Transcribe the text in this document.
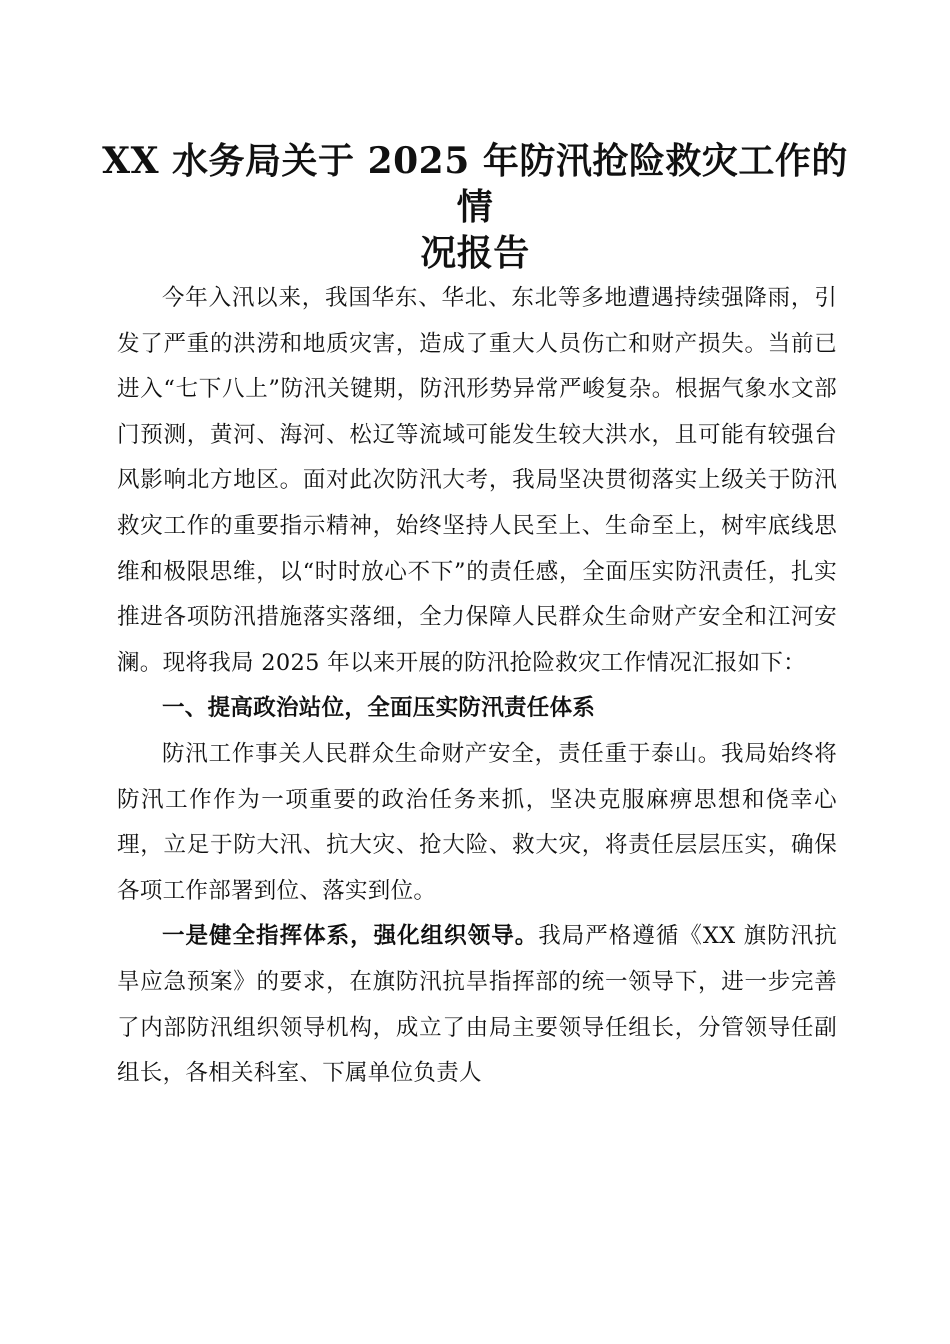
XX 水务局关于 2025 年防汛抢险救灾工作的情
况报告

今年入汛以来，我国华东、华北、东北等多地遭遇持续强降雨，引发了严重的洪涝和地质灾害，造成了重大人员伤亡和财产损失。当前已进入“七下八上”防汛关键期，防汛形势异常严峻复杂。根据气象水文部门预测，黄河、海河、松辽等流域可能发生较大洪水，且可能有较强台风影响北方地区。面对此次防汛大考，我局坚决贯彻落实上级关于防汛救灾工作的重要指示精神，始终坚持人民至上、生命至上，树牢底线思维和极限思维，以“时时放心不下”的责任感，全面压实防汛责任，扎实推进各项防汛措施落实落细，全力保障人民群众生命财产安全和江河安澜。现将我局 2025 年以来开展的防汛抢险救灾工作情况汇报如下：

一、提高政治站位，全面压实防汛责任体系

防汛工作事关人民群众生命财产安全，责任重于泰山。我局始终将防汛工作作为一项重要的政治任务来抓，坚决克服麻痹思想和侥幸心理，立足于防大汛、抗大灾、抢大险、救大灾，将责任层层压实，确保各项工作部署到位、落实到位。

一是健全指挥体系，强化组织领导。我局严格遵循《XX 旗防汛抗旱应急预案》的要求，在旗防汛抗旱指挥部的统一领导下，进一步完善了内部防汛组织领导机构，成立了由局主要领导任组长，分管领导任副组长，各相关科室、下属单位负责人
